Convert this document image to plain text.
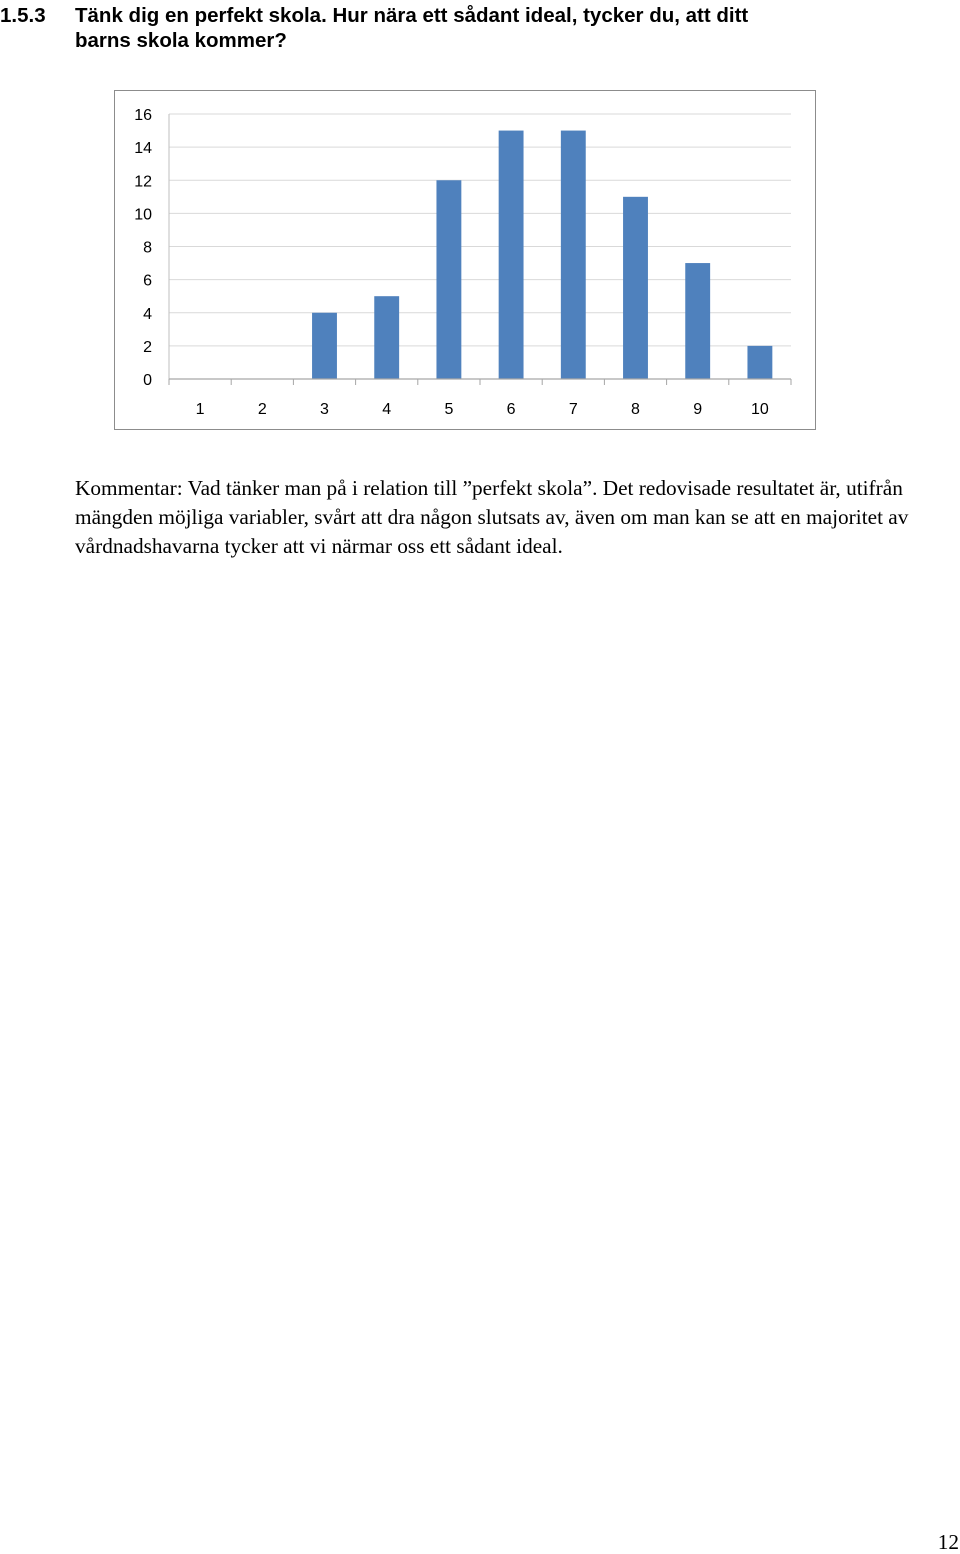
1.5.3 Tänk dig en perfekt skola. Hur nära ett sådant ideal, tycker du, att ditt
barns skola kommer?
0
2
4
6
8
10
12
14
16
1	2	3	4	5	6	7	8	9	10

Kommentar: Vad tänker man på i relation till ”perfekt skola”. Det redovisade resultatet är, utifrån mängden möjliga variabler, svårt att dra någon slutsats av, även om man kan se att en majoritet av vårdnadshavarna tycker att vi närmar oss ett sådant ideal.

12
